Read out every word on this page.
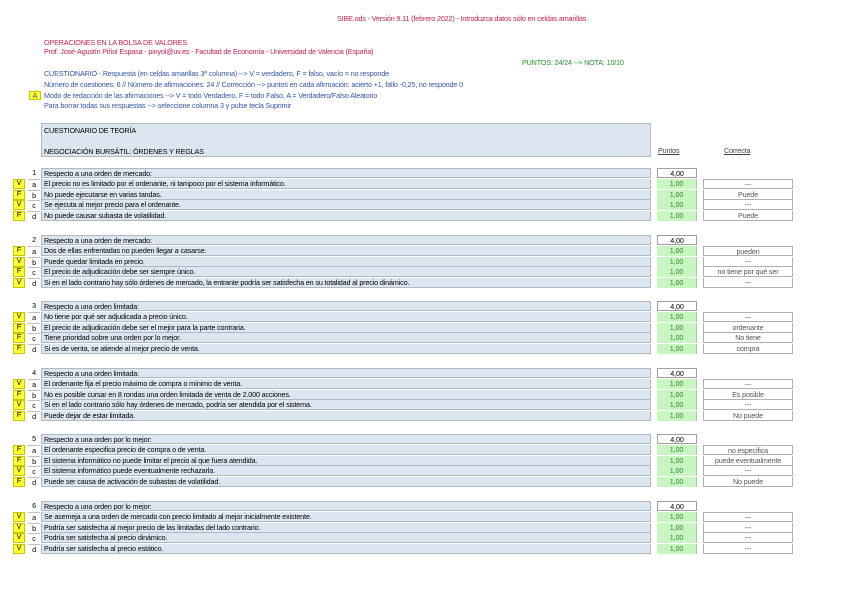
SIBE.ods - Versión 9.11 (febrero 2022) - Introduzca datos sólo en celdas amarillas
OPERACIONES EN LA BOLSA DE VALORES
Prof. José-Agustín Piñol Espasa - pinyol@uv.es - Facultad de Economía - Universidad de Valencia (España)
PUNTOS: 24/24 --> NOTA: 10/10
CUESTIONARIO - Respuesta (en celdas amarillas 3ª columna) --> V = verdadero, F = falso, vacío = no responde
Número de cuestiones: 6 // Número de afirmaciones: 24 // Corrección --> puntos en cada afirmación: acierto +1, fallo -0,25, no responde 0
A Modo de redacción de las afirmaciones --> V = todo Verdadero, F = todo Falso, A = Verdadero/Falso Aleatorio
Para borrar todas sus respuestas --> seleccione columna 3 y pulse tecla Suprimir
CUESTIONARIO DE TEORÍA
NEGOCIACIÓN BURSÁTIL: ÓRDENES Y REGLAS	Puntos	Correcta
1	Respecto a una orden de mercado:	4,00
V	a	El precio no es limitado por el ordenante, ni tampoco por el sistema informático.	1,00	---
F	b	No puede ejecutarse en varias tandas.	1,00	Puede
V	c	Se ejecuta al mejor precio para el ordenante.	1,00	---
F	d	No puede causar subasta de volatilidad.	1,00	Puede
2	Respecto a una orden de mercado:	4,00
F	a	Dos de ellas enfrentadas no pueden llegar a casarse.	1,00	pueden
V	b	Puede quedar limitada en precio.	1,00	---
F	c	El precio de adjudicación debe ser siempre único.	1,00	no tiene por qué ser
V	d	Si en el lado contrario hay sólo órdenes de mercado, la entrante podría ser satisfecha en su totalidad al precio dinámico.	1,00	---
3	Respecto a una orden limitada:	4,00
V	a	No tiene por qué ser adjudicada a precio único.	1,00	---
F	b	El precio de adjudicación debe ser el mejor para la parte contraria.	1,00	ordenante
F	c	Tiene prioridad sobre una orden por lo mejor.	1,00	No tiene
F	d	Si es de venta, se atiende al mejor precio de venta.	1,00	compra
4	Respecto a una orden limitada:	4,00
V	a	El ordenante fija el precio máximo de compra o mínimo de venta.	1,00	---
F	b	No es posible cursar en 8 rondas una orden limitada de venta de 2.000 acciones.	1,00	Es posible
V	c	Si en el lado contrario sólo hay órdenes de mercado, podría ser atendida por el sistema.	1,00	---
F	d	Puede dejar de estar limitada.	1,00	No puede
5	Respecto a una orden por lo mejor:	4,00
F	a	El ordenante especifica precio de compra o de venta.	1,00	no especifica
F	b	El sistema informático no puede limitar el precio al que fuera atendida.	1,00	puede eventualmente
V	c	El sistema informático puede eventualmente rechazarla.	1,00	---
F	d	Puede ser causa de activación de subastas de volatilidad.	1,00	No puede
6	Respecto a una orden por lo mejor:	4,00
V	a	Se asemeja a una orden de mercado con precio limitado al mejor inicialmente existente.	1,00	---
V	b	Podría ser satisfecha al mejor precio de las limitadas del lado contrario.	1,00	---
V	c	Podría ser satisfecha al precio dinámico.	1,00	---
V	d	Podría ser satisfecha al precio estático.	1,00	---
